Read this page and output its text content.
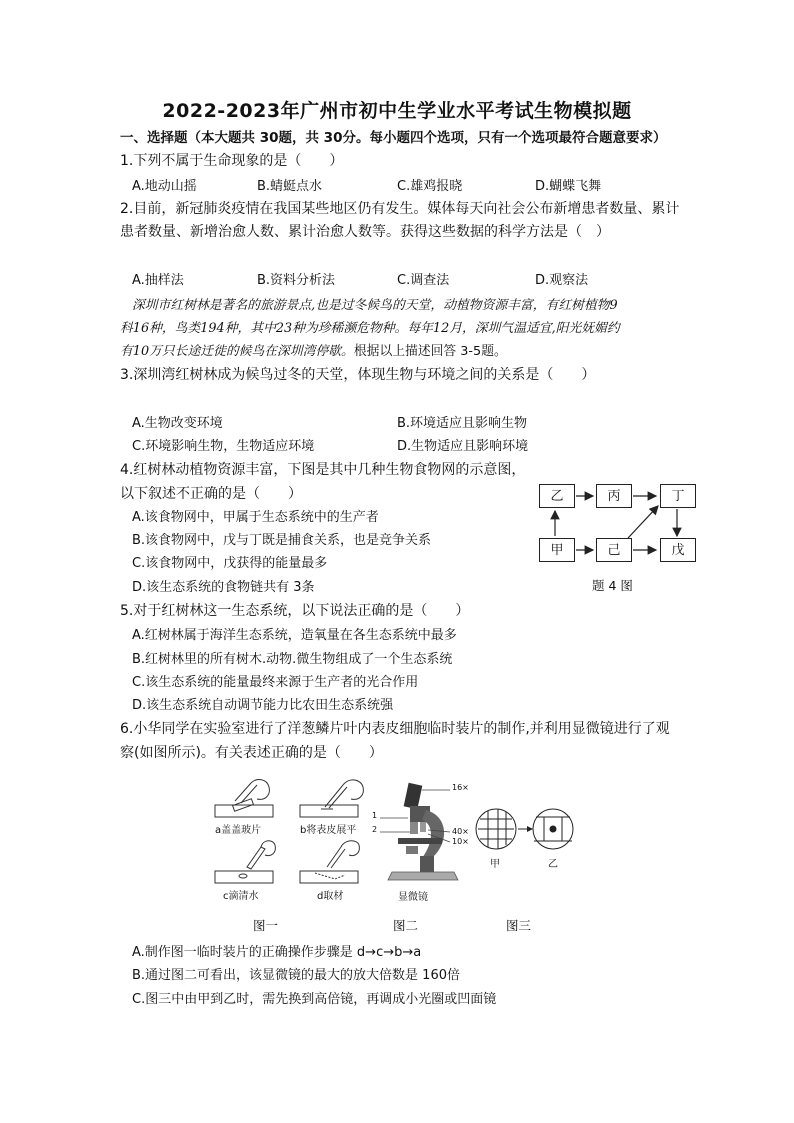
2022-2023年广州市初中生学业水平考试生物模拟题
一、选择题（本大题共 30题，共 30分。每小题四个选项，只有一个选项最符合题意要求）
1.下列不属于生命现象的是（　　）
A.地动山摇	B.蜻蜓点水	C.雄鸡报晓	D.蝴蝶飞舞
2.目前，新冠肺炎疫情在我国某些地区仍有发生。媒体每天向社会公布新增患者数量、累计
患者数量、新增治愈人数、累计治愈人数等。获得这些数据的科学方法是（　）
A.抽样法	B.资料分析法	C.调查法	D.观察法
深圳市红树林是著名的旅游景点,也是过冬候鸟的天堂，动植物资源丰富，有红树植物9
科16种，鸟类194种，其中23种为珍稀濒危物种。每年12月，深圳气温适宜,阳光妩媚约
有10万只长途迁徙的候鸟在深圳湾停歇。根据以上描述回答 3-5题。
3.深圳湾红树林成为候鸟过冬的天堂，体现生物与环境之间的关系是（　　）
A.生物改变环境	B.环境适应且影响生物
C.环境影响生物，生物适应环境	D.生物适应且影响环境
4.红树林动植物资源丰富，下图是其中几种生物食物网的示意图，
以下叙述不正确的是（　　）
A.该食物网中，甲属于生态系统中的生产者
B.该食物网中，戊与丁既是捕食关系，也是竞争关系
C.该食物网中，戊获得的能量最多
D.该生态系统的食物链共有 3条
乙	丙	丁
甲	己	戊
题 4 图
5.对于红树林这一生态系统，以下说法正确的是（　　）
A.红树林属于海洋生态系统，造氧量在各生态系统中最多
B.红树林里的所有树木.动物.微生物组成了一个生态系统
C.该生态系统的能量最终来源于生产者的光合作用
D.该生态系统自动调节能力比农田生态系统强
6.小华同学在实验室进行了洋葱鳞片叶内表皮细胞临时装片的制作,并利用显微镜进行了观
察(如图所示)。有关表述正确的是（　　）
a盖盖玻片	b将表皮展平
c滴清水	d取材
图一
16×
40×
10×
1
2
显微镜
图二
甲	乙
图三
A.制作图一临时装片的正确操作步骤是 d→c→b→a
B.通过图二可看出，该显微镜的最大的放大倍数是 160倍
C.图三中由甲到乙时，需先换到高倍镜，再调成小光圈或凹面镜
